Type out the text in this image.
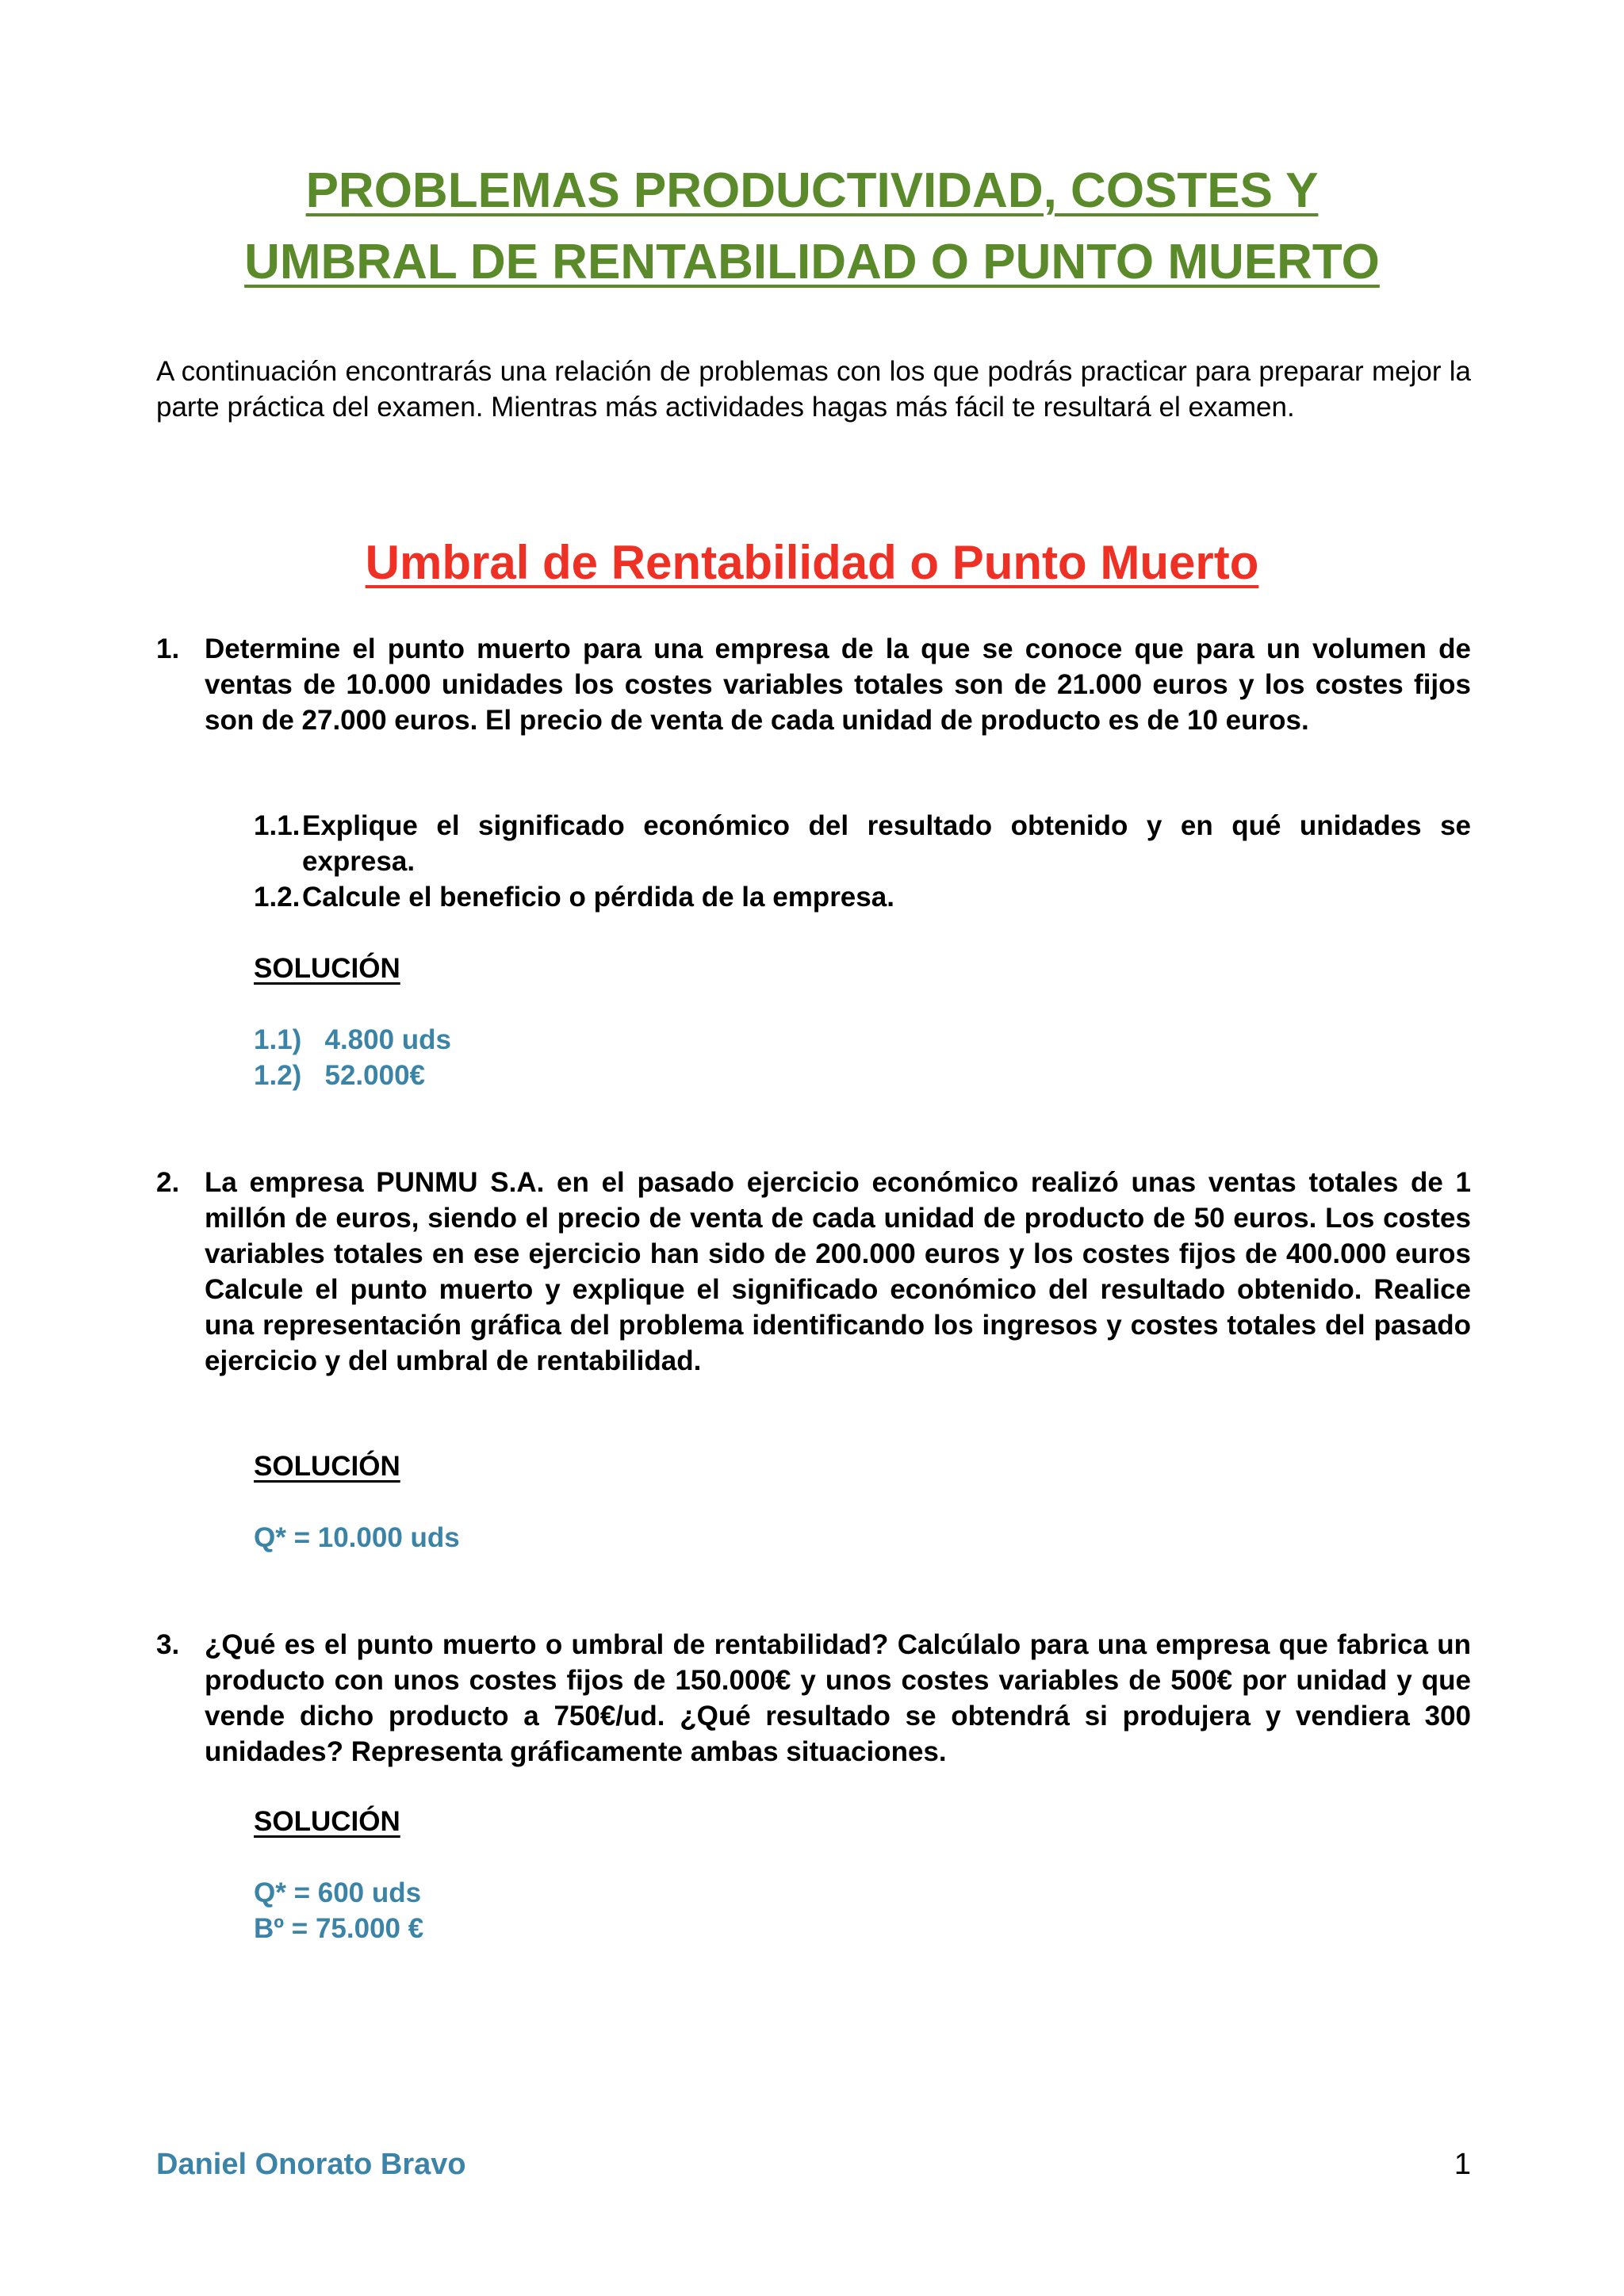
PROBLEMAS PRODUCTIVIDAD, COSTES Y
UMBRAL DE RENTABILIDAD O PUNTO MUERTO

A continuación encontrarás una relación de problemas con los que podrás practicar para preparar mejor la parte práctica del examen. Mientras más actividades hagas más fácil te resultará el examen.

Umbral de Rentabilidad o Punto Muerto
1. Determine el punto muerto para una empresa de la que se conoce que para un volumen de ventas de 10.000 unidades los costes variables totales son de 21.000 euros y los costes fijos son de 27.000 euros. El precio de venta de cada unidad de producto es de 10 euros.

1.1. Explique el significado económico del resultado obtenido y en qué unidades se expresa.
1.2. Calcule el beneficio o pérdida de la empresa.

SOLUCIÓN

1.1)   4.800 uds

1.2)   52.000€

2. La empresa PUNMU S.A. en el pasado ejercicio económico realizó unas ventas totales de 1 millón de euros, siendo el precio de venta de cada unidad de producto de 50 euros. Los costes variables totales en ese ejercicio han sido de 200.000 euros y los costes fijos de 400.000 euros Calcule el punto muerto y explique el significado económico del resultado obtenido. Realice una representación gráfica del problema identificando los ingresos y costes totales del pasado ejercicio y del umbral de rentabilidad.

SOLUCIÓN

Q* = 10.000 uds

3. ¿Qué es el punto muerto o umbral de rentabilidad? Calcúlalo para una empresa que fabrica un producto con unos costes fijos de 150.000€ y unos costes variables de 500€ por unidad y que vende dicho producto a 750€/ud. ¿Qué resultado se obtendrá si produjera y vendiera 300 unidades? Representa gráficamente ambas situaciones.

SOLUCIÓN

Q* = 600 uds

Bº = 75.000 €

Daniel Onorato Bravo	1
